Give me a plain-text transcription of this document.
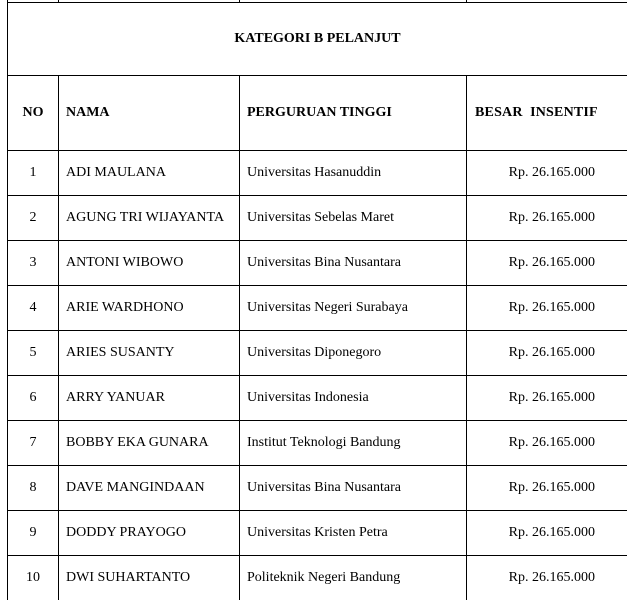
KATEGORI B PELANJUT			
NO	NAMA	PERGURUAN TINGGI	BESAR  INSENTIF
1	ADI MAULANA	Universitas Hasanuddin	Rp. 26.165.000
2	AGUNG TRI WIJAYANTA	Universitas Sebelas Maret	Rp. 26.165.000
3	ANTONI WIBOWO	Universitas Bina Nusantara	Rp. 26.165.000
4	ARIE WARDHONO	Universitas Negeri Surabaya	Rp. 26.165.000
5	ARIES SUSANTY	Universitas Diponegoro	Rp. 26.165.000
6	ARRY YANUAR	Universitas Indonesia	Rp. 26.165.000
7	BOBBY EKA GUNARA	Institut Teknologi Bandung	Rp. 26.165.000
8	DAVE MANGINDAAN	Universitas Bina Nusantara	Rp. 26.165.000
9	DODDY PRAYOGO	Universitas Kristen Petra	Rp. 26.165.000
10	DWI SUHARTANTO	Politeknik Negeri Bandung	Rp. 26.165.000
